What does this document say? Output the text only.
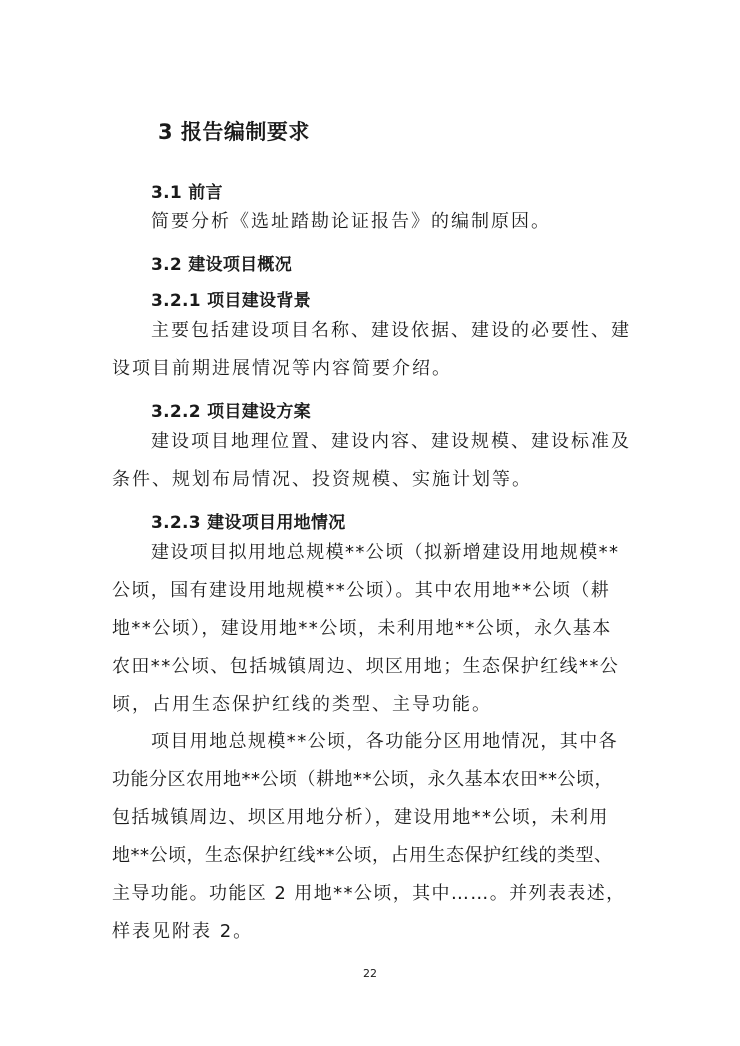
3 报告编制要求
3.1 前言
简要分析《选址踏勘论证报告》的编制原因。
3.2 建设项目概况
3.2.1 项目建设背景
主要包括建设项目名称、建设依据、建设的必要性、建
设项目前期进展情况等内容简要介绍。
3.2.2 项目建设方案
建设项目地理位置、建设内容、建设规模、建设标准及
条件、规划布局情况、投资规模、实施计划等。
3.2.3 建设项目用地情况
建设项目拟用地总规模**公顷（拟新增建设用地规模**
公顷，国有建设用地规模**公顷）。其中农用地**公顷（耕
地**公顷），建设用地**公顷，未利用地**公顷，永久基本
农田**公顷、包括城镇周边、坝区用地；生态保护红线**公
顷，占用生态保护红线的类型、主导功能。
项目用地总规模**公顷，各功能分区用地情况，其中各
功能分区农用地**公顷（耕地**公顷，永久基本农田**公顷，
包括城镇周边、坝区用地分析），建设用地**公顷，未利用
地**公顷，生态保护红线**公顷，占用生态保护红线的类型、
主导功能。功能区 2 用地**公顷，其中……。并列表表述，
样表见附表 2。
22
